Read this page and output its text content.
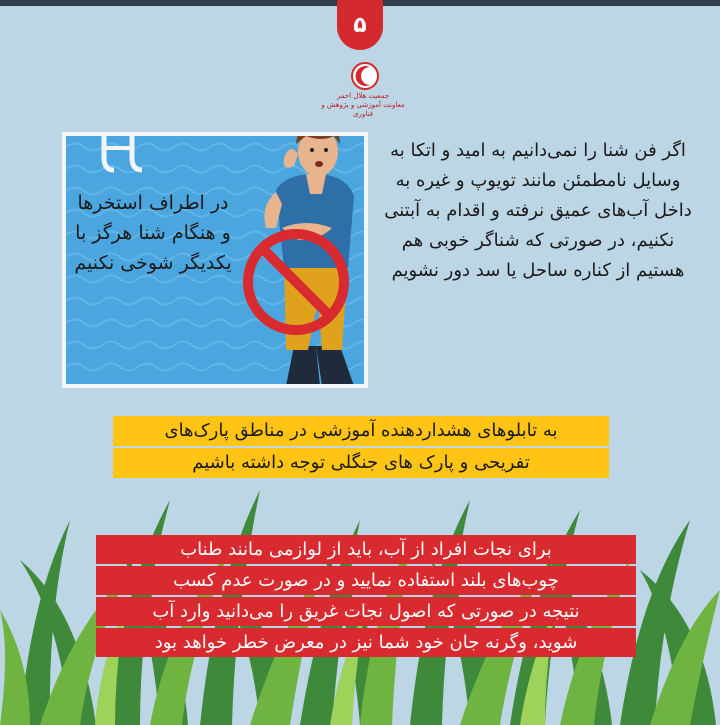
۵
جمعیت هلال احمر
معاونت آموزشی و پژوهش و فناوری
در اطراف استخرها و هنگام شنا هرگز با یکدیگر شوخی نکنیم
اگر فن شنا را نمی‌دانیم به امید و اتکا به وسایل نامطمئن مانند تویوپ و غیره به داخل آب‌های عمیق نرفته و اقدام به آبتنی نکنیم، در صورتی که شناگر خوبی هم هستیم از کناره ساحل یا سد دور نشویم
به تابلوهای هشداردهنده آموزشی در مناطق پارک‌های
تفریحی و پارک های جنگلی توجه داشته باشیم
برای نجات افراد از آب، باید از لوازمی مانند طناب
چوب‌های بلند استفاده نمایید و در صورت عدم کسب
نتیجه در صورتی که اصول نجات غریق را می‌دانید وارد آب
شوید، وگرنه جان خود شما نیز در معرض خطر خواهد بود
